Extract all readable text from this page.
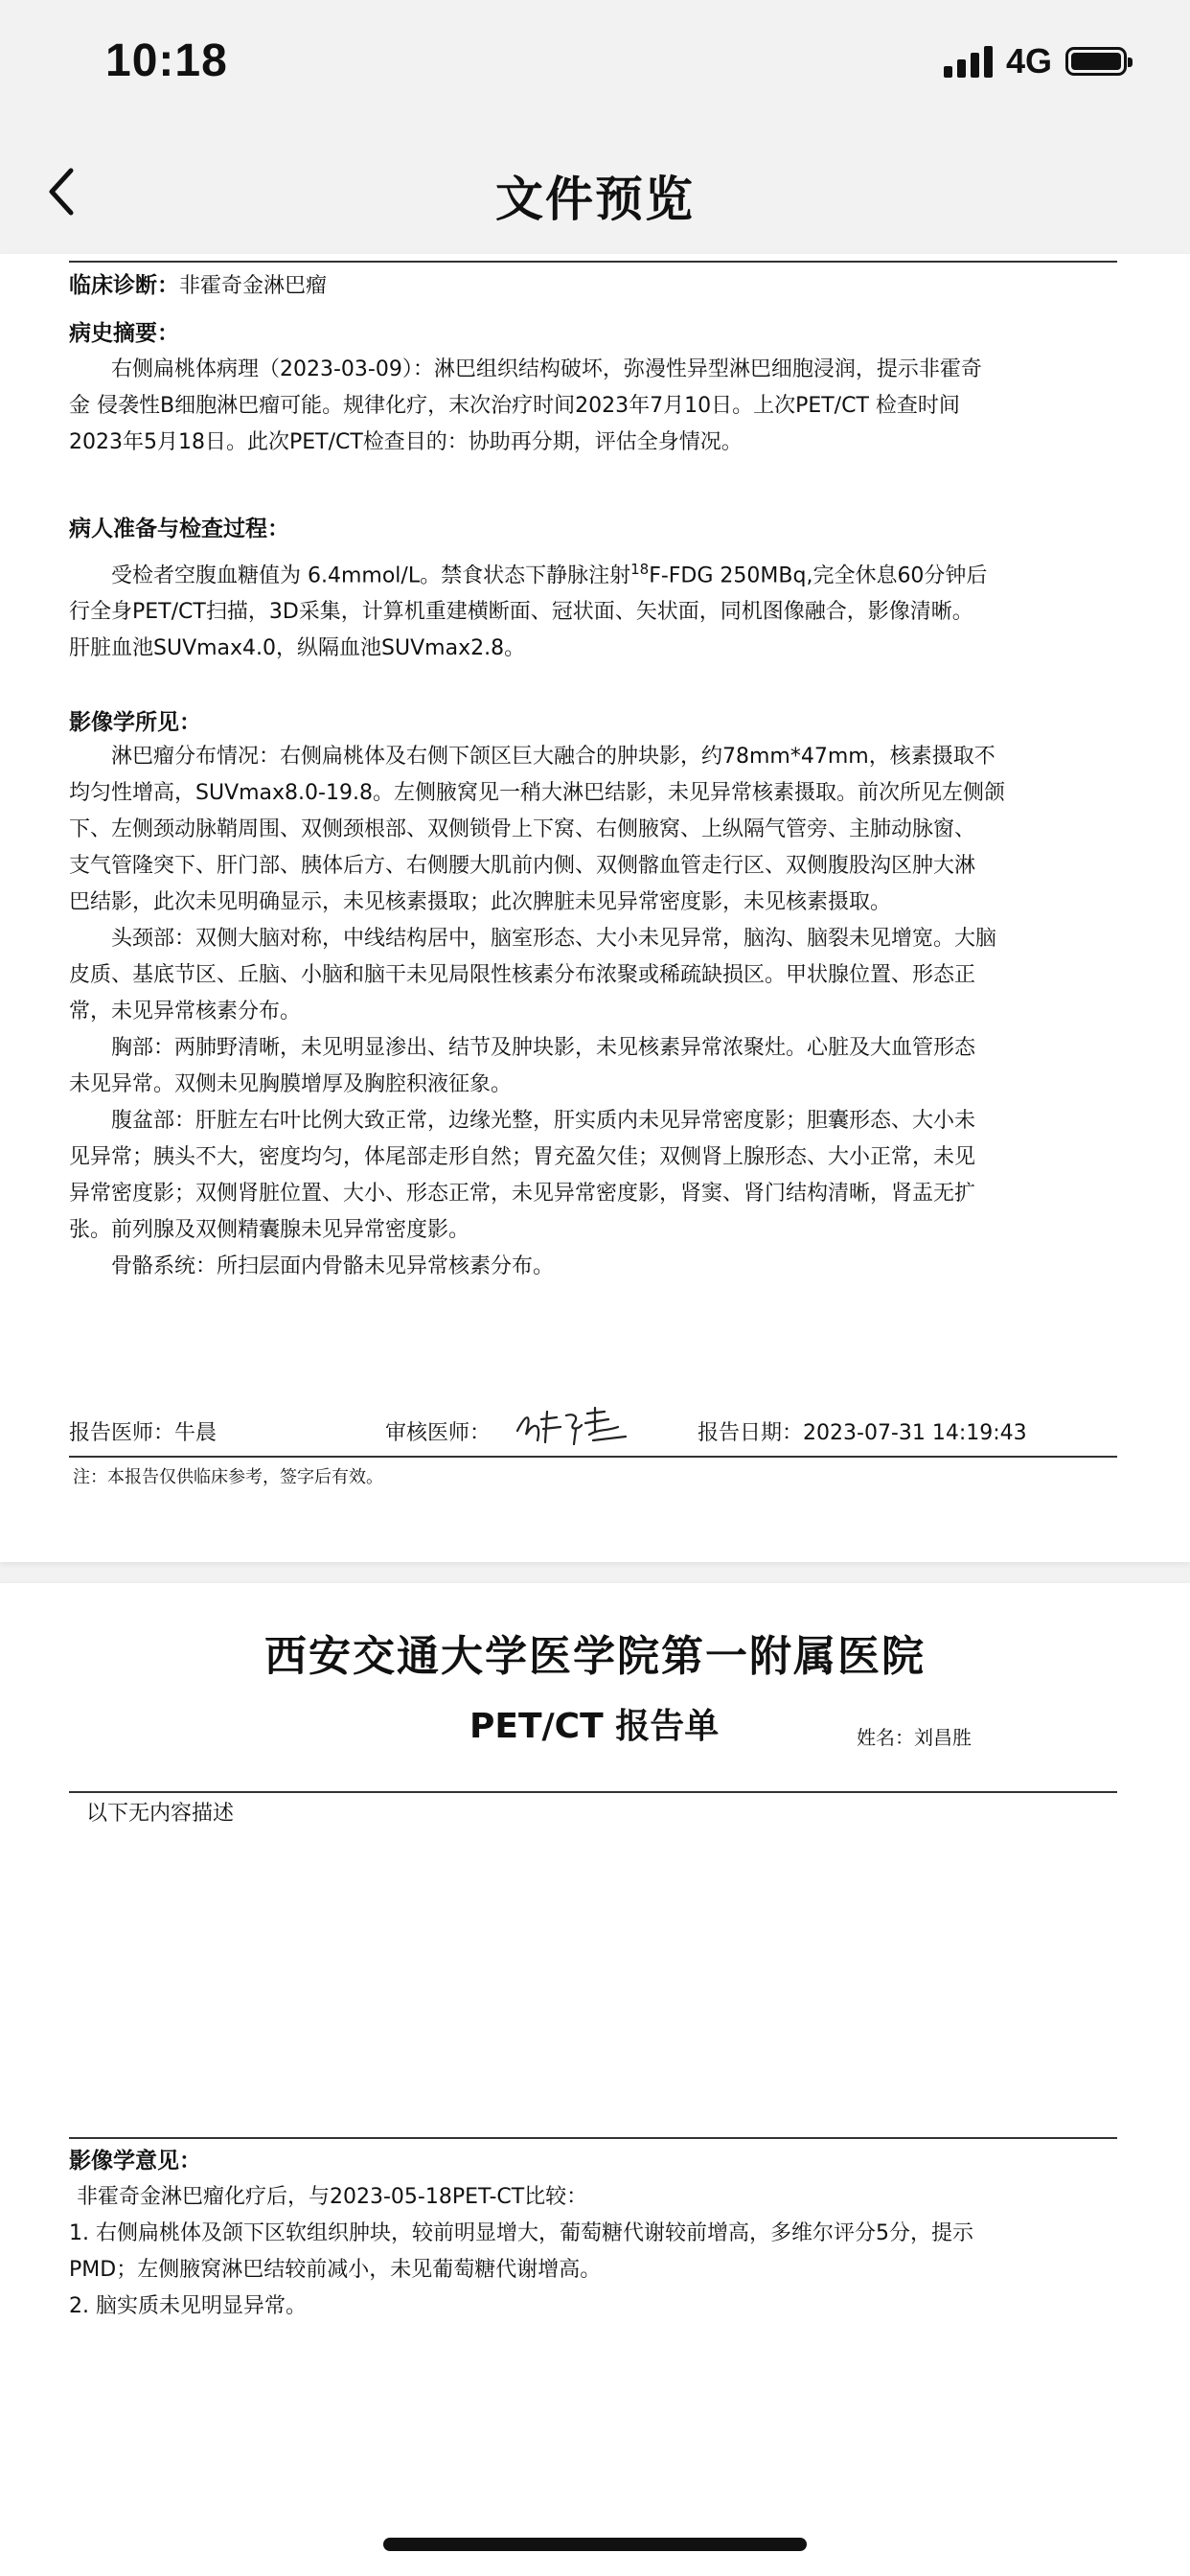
10:18	4G
文件预览
临床诊断：非霍奇金淋巴瘤
病史摘要：
右侧扁桃体病理（2023-03-09）：淋巴组织结构破坏，弥漫性异型淋巴细胞浸润，提示非霍奇
金 侵袭性B细胞淋巴瘤可能。规律化疗，末次治疗时间2023年7月10日。上次PET/CT 检查时间
2023年5月18日。此次PET/CT检查目的：协助再分期，评估全身情况。
病人准备与检查过程：
受检者空腹血糖值为 6.4mmol/L。禁食状态下静脉注射$^{18}$F-FDG 250MBq,完全休息60分钟后
行全身PET/CT扫描，3D采集，计算机重建横断面、冠状面、矢状面，同机图像融合，影像清晰。
肝脏血池SUVmax4.0，纵隔血池SUVmax2.8。
影像学所见：
淋巴瘤分布情况：右侧扁桃体及右侧下颌区巨大融合的肿块影，约78mm*47mm，核素摄取不
均匀性增高，SUVmax8.0-19.8。左侧腋窝见一稍大淋巴结影，未见异常核素摄取。前次所见左侧颌
下、左侧颈动脉鞘周围、双侧颈根部、双侧锁骨上下窝、右侧腋窝、上纵隔气管旁、主肺动脉窗、
支气管隆突下、肝门部、胰体后方、右侧腰大肌前内侧、双侧髂血管走行区、双侧腹股沟区肿大淋
巴结影，此次未见明确显示，未见核素摄取；此次脾脏未见异常密度影，未见核素摄取。
头颈部：双侧大脑对称，中线结构居中，脑室形态、大小未见异常，脑沟、脑裂未见增宽。大脑
皮质、基底节区、丘脑、小脑和脑干未见局限性核素分布浓聚或稀疏缺损区。甲状腺位置、形态正
常，未见异常核素分布。
胸部：两肺野清晰，未见明显渗出、结节及肿块影，未见核素异常浓聚灶。心脏及大血管形态
未见异常。双侧未见胸膜增厚及胸腔积液征象。
腹盆部：肝脏左右叶比例大致正常，边缘光整，肝实质内未见异常密度影；胆囊形态、大小未
见异常；胰头不大，密度均匀，体尾部走形自然；胃充盈欠佳；双侧肾上腺形态、大小正常，未见
异常密度影；双侧肾脏位置、大小、形态正常，未见异常密度影，肾窦、肾门结构清晰，肾盂无扩
张。前列腺及双侧精囊腺未见异常密度影。
骨骼系统：所扫层面内骨骼未见异常核素分布。
报告医师：牛晨	审核医师：	报告日期：2023-07-31 14:19:43
注：本报告仅供临床参考，签字后有效。
西安交通大学医学院第一附属医院
PET/CT 报告单	姓名：刘昌胜
以下无内容描述
影像学意见：
非霍奇金淋巴瘤化疗后，与2023-05-18PET-CT比较：
1. 右侧扁桃体及颌下区软组织肿块，较前明显增大，葡萄糖代谢较前增高，多维尔评分5分，提示
PMD；左侧腋窝淋巴结较前减小，未见葡萄糖代谢增高。
2. 脑实质未见明显异常。
